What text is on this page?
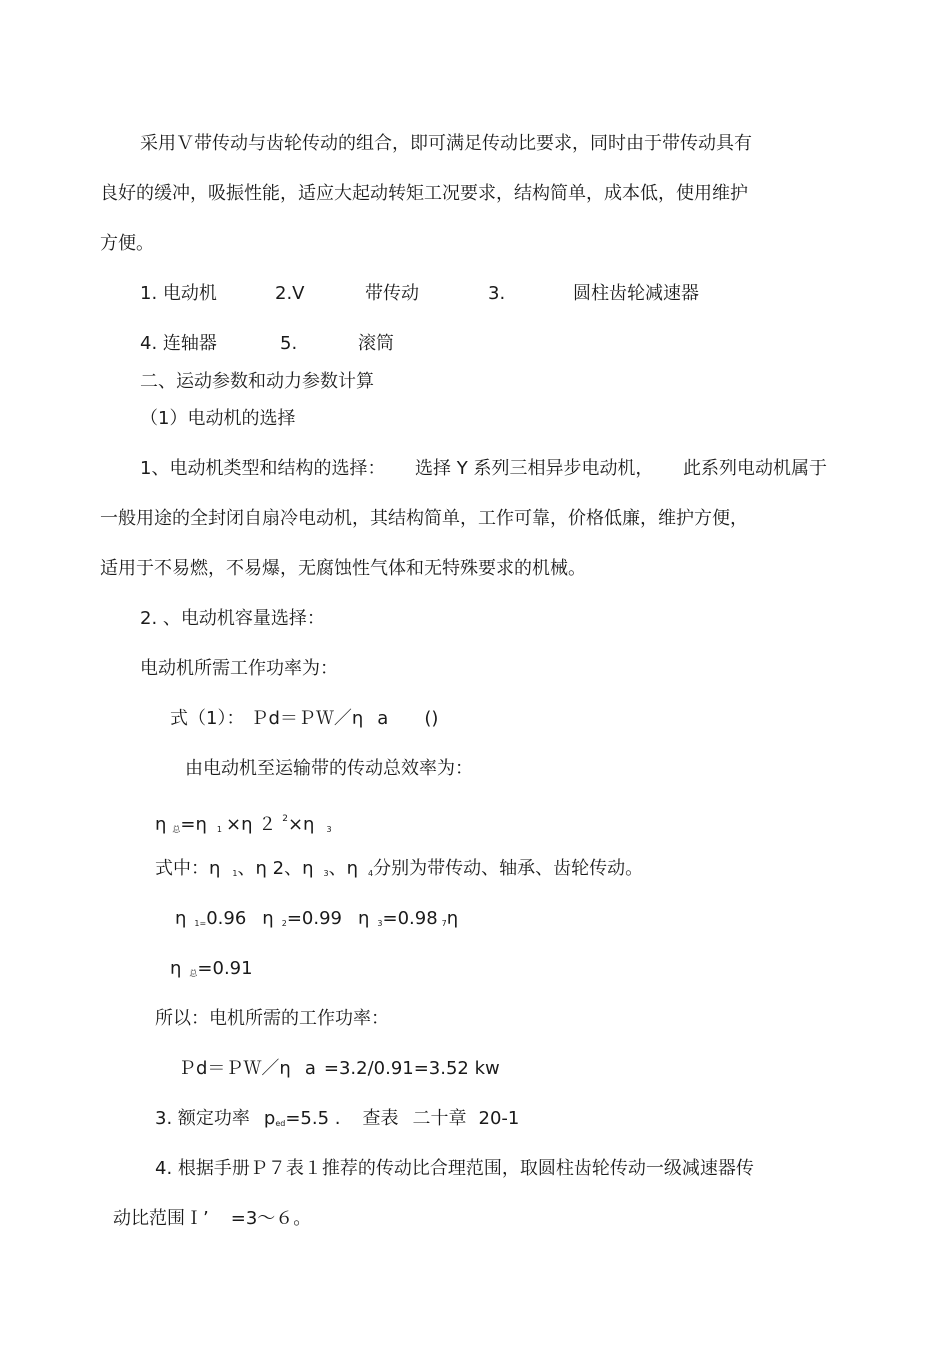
采用Ｖ带传动与齿轮传动的组合，即可满足传动比要求，同时由于带传动具有
良好的缓冲，吸振性能，适应大起动转矩工况要求，结构简单，成本低，使用维护
方便。
1. 电动机	2.V	带传动	3.	圆柱齿轮减速器
4. 连轴器	5.	滚筒
二、运动参数和动力参数计算
（1）电动机的选择
1、电动机类型和结构的选择： 选择 Y 系列三相异步电动机， 此系列电动机属于
一般用途的全封闭自扇冷电动机，其结构简单，工作可靠，价格低廉，维护方便，
适用于不易燃，不易爆，无腐蚀性气体和无特殊要求的机械。
2. 、电动机容量选择：
电动机所需工作功率为：
式（1）： Ｐd＝ＰＷ／η a ()
由电动机至运输带的传动总效率为：
η $_总$=η $_1$ ×η ２ $^2$×η $_3$
式中：η $_1$、η 2、η $_3$、η $_4$分别为带传动、轴承、齿轮传动。
η $_{1=}$0.96 η $_2$=0.99 η $_3$=0.98 $_7$η
η $_总$=0.91
所以：电机所需的工作功率：
Ｐd＝ＰＷ／η a =3.2/0.91=3.52 kw
3. 额定功率 $p_{ed}=5.5$ . 查表 二十章 20-1
4. 根据手册Ｐ７表１推荐的传动比合理范围，取圆柱齿轮传动一级减速器传
动比范围Ｉ’ =3～６。
